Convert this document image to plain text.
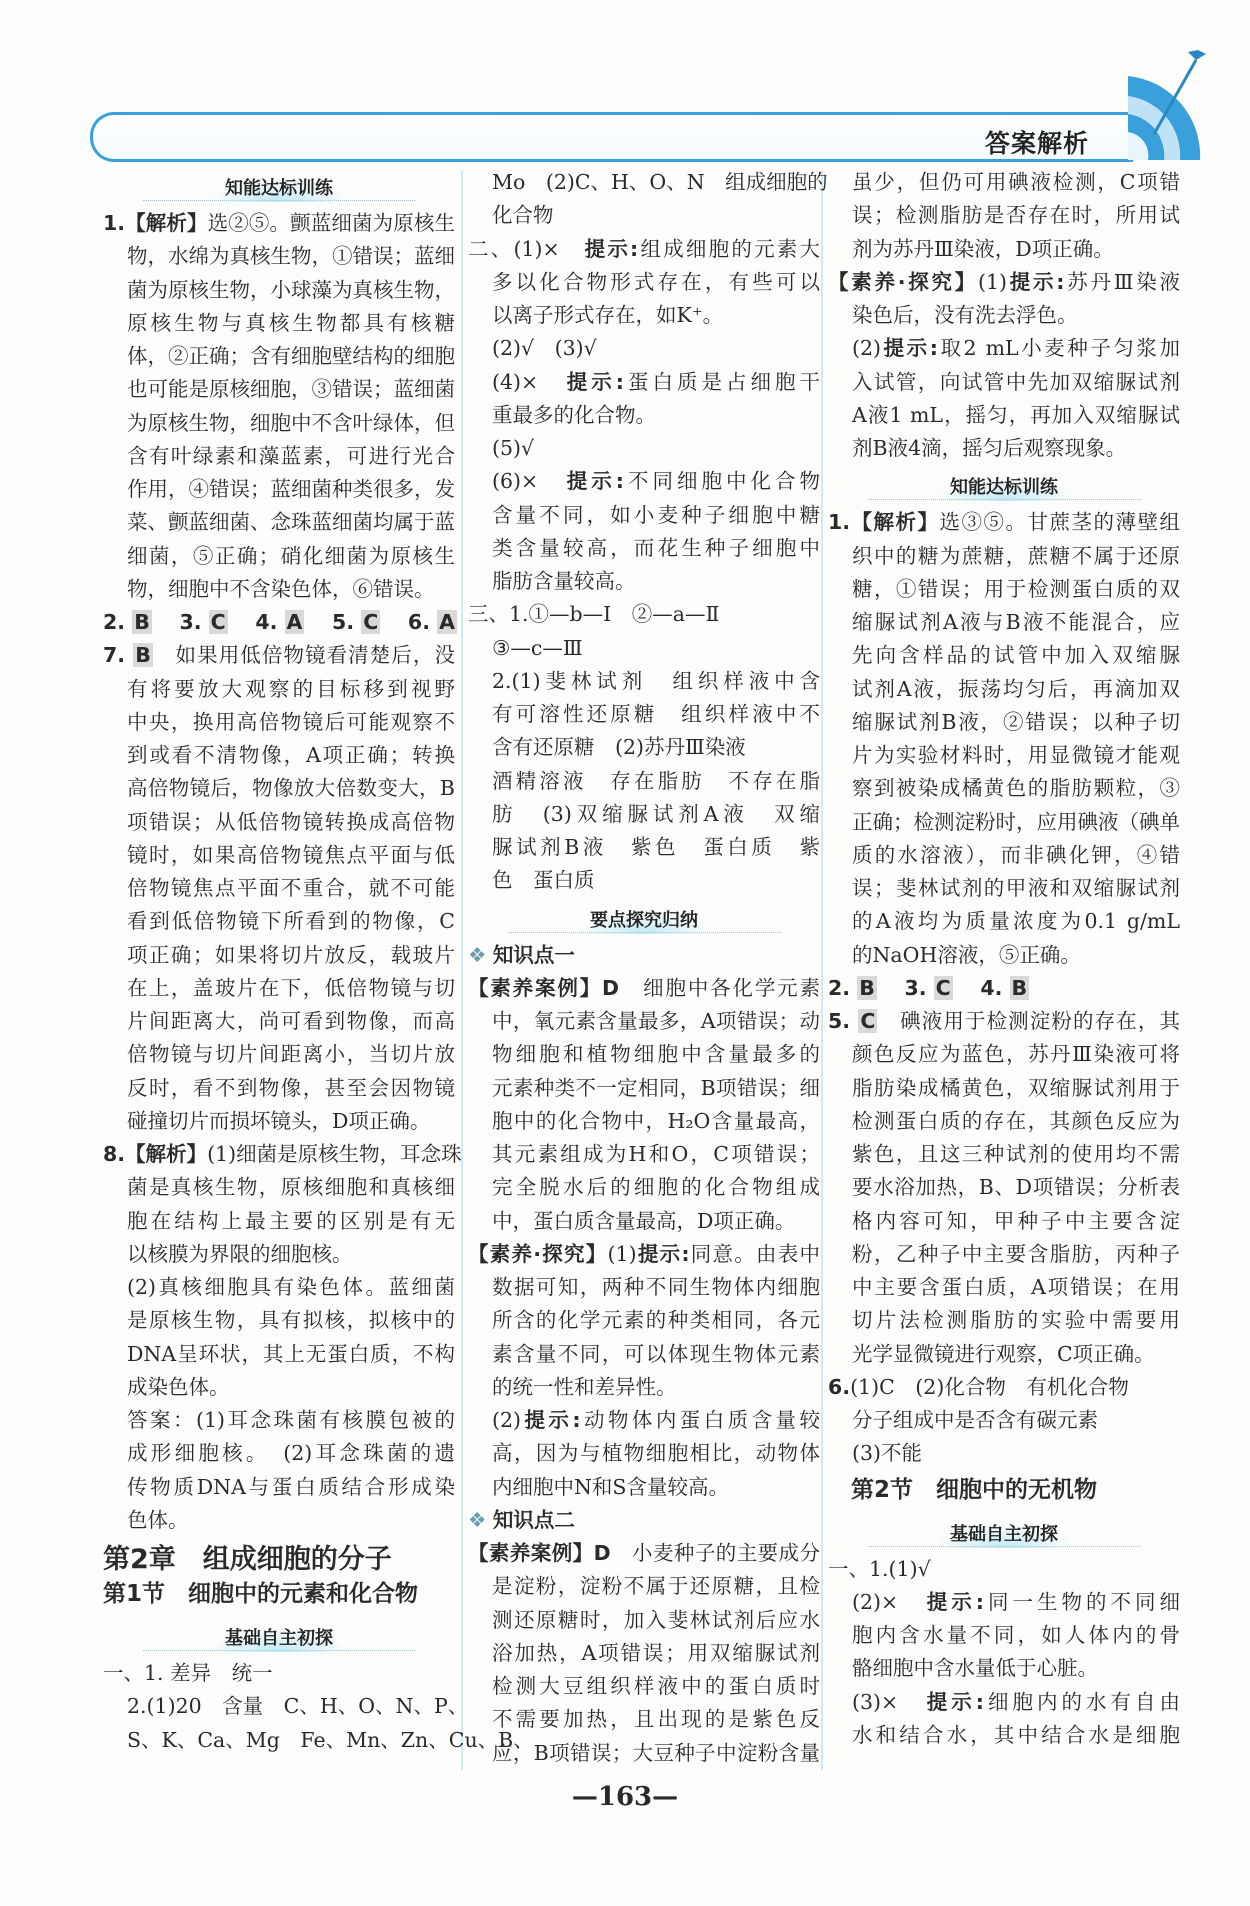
答案解析
知能达标训练
1.【解析】选②⑤。颤蓝细菌为原核生
物，水绵为真核生物，①错误；蓝细
菌为原核生物，小球藻为真核生物，
原核生物与真核生物都具有核糖
体，②正确；含有细胞壁结构的细胞
也可能是原核细胞，③错误；蓝细菌
为原核生物，细胞中不含叶绿体，但
含有叶绿素和藻蓝素，可进行光合
作用，④错误；蓝细菌种类很多，发
菜、颤蓝细菌、念珠蓝细菌均属于蓝
细菌，⑤正确；硝化细菌为原核生
物，细胞中不含染色体，⑥错误。
2. B　 3. C　 4. A　 5. C　 6. A
7. B　如果用低倍物镜看清楚后，没
有将要放大观察的目标移到视野
中央，换用高倍物镜后可能观察不
到或看不清物像，A项正确；转换
高倍物镜后，物像放大倍数变大，B
项错误；从低倍物镜转换成高倍物
镜时，如果高倍物镜焦点平面与低
倍物镜焦点平面不重合，就不可能
看到低倍物镜下所看到的物像，C
项正确；如果将切片放反，载玻片
在上，盖玻片在下，低倍物镜与切
片间距离大，尚可看到物像，而高
倍物镜与切片间距离小，当切片放
反时，看不到物像，甚至会因物镜
碰撞切片而损坏镜头，D项正确。
8.【解析】(1)细菌是原核生物，耳念珠
菌是真核生物，原核细胞和真核细
胞在结构上最主要的区别是有无
以核膜为界限的细胞核。
(2)真核细胞具有染色体。蓝细菌
是原核生物，具有拟核，拟核中的
DNA呈环状，其上无蛋白质，不构
成染色体。
答案：(1)耳念珠菌有核膜包被的
成形细胞核。　(2)耳念珠菌的遗
传物质DNA与蛋白质结合形成染
色体。
第2章　组成细胞的分子
第1节　细胞中的元素和化合物
基础自主初探
一、1. 差异　统一
2.(1)20　含量　C、H、O、N、P、
S、K、Ca、Mg　Fe、Mn、Zn、Cu、B、
Mo　(2)C、H、O、N　组成细胞的
化合物
二、(1)×　提示:组成细胞的元素大
多以化合物形式存在，有些可以
以离子形式存在，如K⁺。
(2)√　(3)√
(4)×　提示:蛋白质是占细胞干
重最多的化合物。
(5)√
(6)×　提示:不同细胞中化合物
含量不同，如小麦种子细胞中糖
类含量较高，而花生种子细胞中
脂肪含量较高。
三、1.①—b—Ⅰ　②—a—Ⅱ
③—c—Ⅲ
2.(1)斐林试剂　组织样液中含
有可溶性还原糖　组织样液中不
含有还原糖　(2)苏丹Ⅲ染液
酒精溶液　存在脂肪　不存在脂
肪　(3)双缩脲试剂A液　双缩
脲试剂B液　紫色　蛋白质　紫
色　蛋白质
要点探究归纳
❖ 知识点一
【素养案例】D　细胞中各化学元素
中，氧元素含量最多，A项错误；动
物细胞和植物细胞中含量最多的
元素种类不一定相同，B项错误；细
胞中的化合物中，H₂O含量最高，
其元素组成为H和O，C项错误；
完全脱水后的细胞的化合物组成
中，蛋白质含量最高，D项正确。
【素养·探究】(1)提示:同意。由表中
数据可知，两种不同生物体内细胞
所含的化学元素的种类相同，各元
素含量不同，可以体现生物体元素
的统一性和差异性。
(2)提示:动物体内蛋白质含量较
高，因为与植物细胞相比，动物体
内细胞中N和S含量较高。
❖ 知识点二
【素养案例】D　小麦种子的主要成分
是淀粉，淀粉不属于还原糖，且检
测还原糖时，加入斐林试剂后应水
浴加热，A项错误；用双缩脲试剂
检测大豆组织样液中的蛋白质时
不需要加热，且出现的是紫色反
应，B项错误；大豆种子中淀粉含量
虽少，但仍可用碘液检测，C项错
误；检测脂肪是否存在时，所用试
剂为苏丹Ⅲ染液，D项正确。
【素养·探究】(1)提示:苏丹Ⅲ染液
染色后，没有洗去浮色。
(2)提示:取2 mL小麦种子匀浆加
入试管，向试管中先加双缩脲试剂
A液1 mL，摇匀，再加入双缩脲试
剂B液4滴，摇匀后观察现象。
知能达标训练
1.【解析】选③⑤。甘蔗茎的薄壁组
织中的糖为蔗糖，蔗糖不属于还原
糖，①错误；用于检测蛋白质的双
缩脲试剂A液与B液不能混合，应
先向含样品的试管中加入双缩脲
试剂A液，振荡均匀后，再滴加双
缩脲试剂B液，②错误；以种子切
片为实验材料时，用显微镜才能观
察到被染成橘黄色的脂肪颗粒，③
正确；检测淀粉时，应用碘液（碘单
质的水溶液），而非碘化钾，④错
误；斐林试剂的甲液和双缩脲试剂
的A液均为质量浓度为0.1 g/mL
的NaOH溶液，⑤正确。
2. B　 3. C　 4. B
5. C　碘液用于检测淀粉的存在，其
颜色反应为蓝色，苏丹Ⅲ染液可将
脂肪染成橘黄色，双缩脲试剂用于
检测蛋白质的存在，其颜色反应为
紫色，且这三种试剂的使用均不需
要水浴加热，B、D项错误；分析表
格内容可知，甲种子中主要含淀
粉，乙种子中主要含脂肪，丙种子
中主要含蛋白质，A项错误；在用
切片法检测脂肪的实验中需要用
光学显微镜进行观察，C项正确。
6.(1)C　(2)化合物　有机化合物
分子组成中是否含有碳元素
(3)不能
　第2节　细胞中的无机物
基础自主初探
一、1.(1)√
(2)×　提示:同一生物的不同细
胞内含水量不同，如人体内的骨
骼细胞中含水量低于心脏。
(3)×　提示:细胞内的水有自由
水和结合水，其中结合水是细胞
—163—
